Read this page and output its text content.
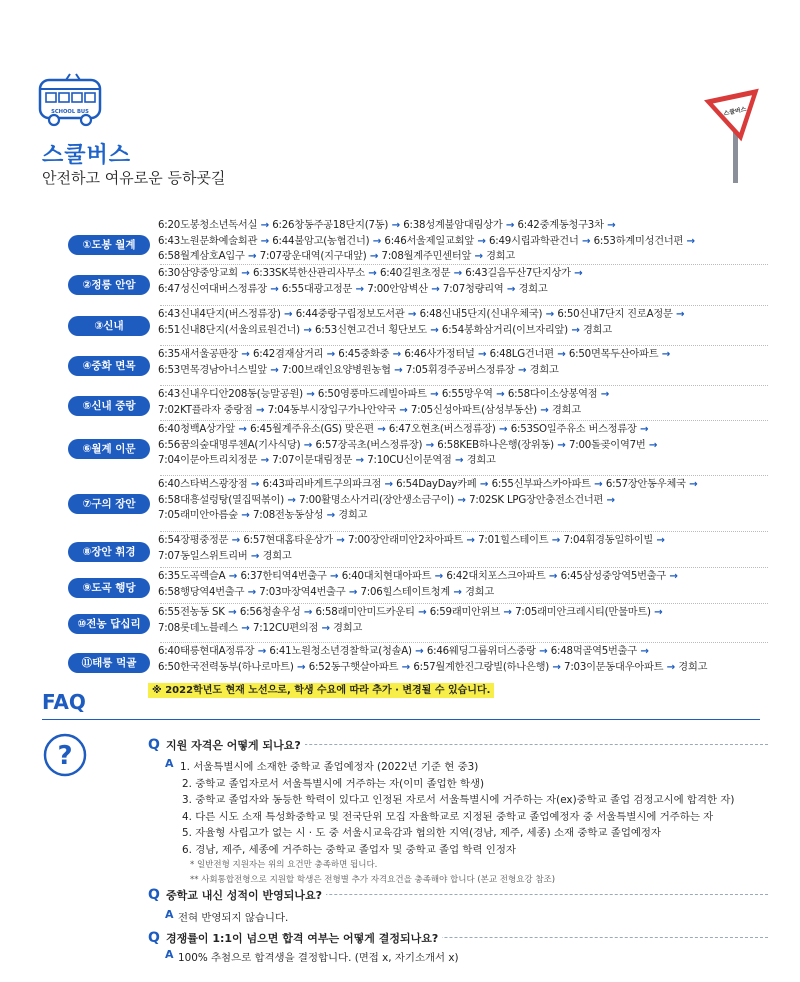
SCHOOL BUS
스쿨버스
안전하고 여유로운 등하굣길
스쿨버스
①도봉 월계
6:20도봉청소년독서실 → 6:26창동주공18단지(7동) → 6:38성계불암대림상가 → 6:42중계동청구3차 →
6:43노원문화예술회관 → 6:44불암고(농협건너) → 6:46서울제일교회앞 → 6:49시립과학관건너 → 6:53하계미성건너편 →
6:58월계삼호A입구 → 7:07광운대역(지구대앞) → 7:08월계주민센터앞 → 경희고
②정릉 안암
6:30삼양중앙교회 → 6:33SK북한산관리사무소 → 6:40길원초정문 → 6:43길음두산7단지상가 →
6:47성신여대버스정류장 → 6:55대광고정문 → 7:00안암벽산 → 7:07청량리역 → 경희고
③신내
6:43신내4단지(버스정류장) → 6:44중랑구립정보도서관 → 6:48신내5단지(신내우체국) → 6:50신내7단지 진로A정문 →
6:51신내8단지(서울의료원건너) → 6:53신현고건너 횡단보도 → 6:54봉화삼거리(이브자리앞) → 경희고
④중화 면목
6:35새서울공판장 → 6:42겸재삼거리 → 6:45중화중 → 6:46사가정터널 → 6:48LG건너편 → 6:50면목두산아파트 →
6:53면목경남아너스빌앞 → 7:00브래인요양병원농협 → 7:05휘경주공버스정류장 → 경희고
⑤신내 중랑
6:43신내우디안208동(능말공원) → 6:50영풍마드레빌아파트 → 6:55망우역 → 6:58다이소상봉역점 →
7:02KT플라자 중랑점 → 7:04동부시장입구가나안약국 → 7:05신성아파트(삼성부동산) → 경희고
⑥월계 이문
6:40청백A상가앞 → 6:45월계주유소(GS) 맞은편 → 6:47오현초(버스정류장) → 6:53SO일주유소 버스정류장 →
6:56꿈의숲대명루첸A(기사식당) → 6:57장곡초(버스정류장) → 6:58KEB하나은행(장위동) → 7:00돌곶이역7번 →
7:04이문아트리치정문 → 7:07이문대림정문 → 7:10CU신이문역점 → 경희고
⑦구의 장안
6:40스타벅스광장점 → 6:43파리바게트구의파크점 → 6:54DayDay카페 → 6:55신부파스카아파트 → 6:57장안동우체국 →
6:58대흥설렁탕(열집떡볶이) → 7:00활명소사거리(장안생소금구이) → 7:02SK LPG장안충전소건너편 →
7:05래미안아름숲 → 7:08전농동삼성 → 경희고
⑧장안 휘경
6:54장평중정문 → 6:57현대홈타운상가 → 7:00장안래미안2차아파트 → 7:01힐스테이트 → 7:04휘경동일하이빌 →
7:07동일스위트리버 → 경희고
⑨도곡 행당
6:35도곡렉슬A → 6:37한티역4번출구 → 6:40대치현대아파트 → 6:42대치포스크아파트 → 6:45삼성중앙역5번출구 →
6:58행당역4번출구 → 7:03마장역4번출구 → 7:06힐스테이트청계 → 경희고
⑩전농 답십리
6:55전농동 SK → 6:56청솔우성 → 6:58래미안미드카운티 → 6:59래미안위브 → 7:05래미안크레시티(만물마트) →
7:08롯데노블레스 → 7:12CU편의점 → 경희고
⑪태릉 먹골
6:40태릉현대A정류장 → 6:41노원청소년경찰학교(청솔A) → 6:46웨딩그룹위더스중랑 → 6:48먹골역5번출구 →
6:50한국전력동부(하나로마트) → 6:52동구햇살아파트 → 6:57월계한진그랑빌(하나은행) → 7:03이문동대우아파트 → 경희고
※ 2022학년도 현재 노선으로, 학생 수요에 따라 추가 · 변경될 수 있습니다.
FAQ
?	Q 지원 자격은 어떻게 되나요?
A 1. 서울특별시에 소재한 중학교 졸업예정자 (2022년 기준 현 중3)
2. 중학교 졸업자로서 서울특별시에 거주하는 자(이미 졸업한 학생)
3. 중학교 졸업자와 동등한 학력이 있다고 인정된 자로서 서울특별시에 거주하는 자(ex)중학교 졸업 검정고시에 합격한 자)
4. 다른 시도 소재 특성화중학교 및 전국단위 모집 자율학교로 지정된 중학교 졸업예정자 중 서울특별시에 거주하는 자
5. 자율형 사립고가 없는 시 · 도 중 서울시교육감과 협의한 지역(경남, 제주, 세종) 소재 중학교 졸업예정자
6. 경남, 제주, 세종에 거주하는 중학교 졸업자 및 중학교 졸업 학력 인정자
* 일반전형 지원자는 위의 요건만 충족하면 됩니다.
** 사회통합전형으로 지원할 학생은 전형별 추가 자격요건을 충족해야 합니다 (본교 전형요강 참조)
Q 중학교 내신 성적이 반영되나요?
A 전혀 반영되지 않습니다.
Q 경쟁률이 1:1이 넘으면 합격 여부는 어떻게 결정되나요?
A 100% 추첨으로 합격생을 결정합니다. (면접 x, 자기소개서 x)
